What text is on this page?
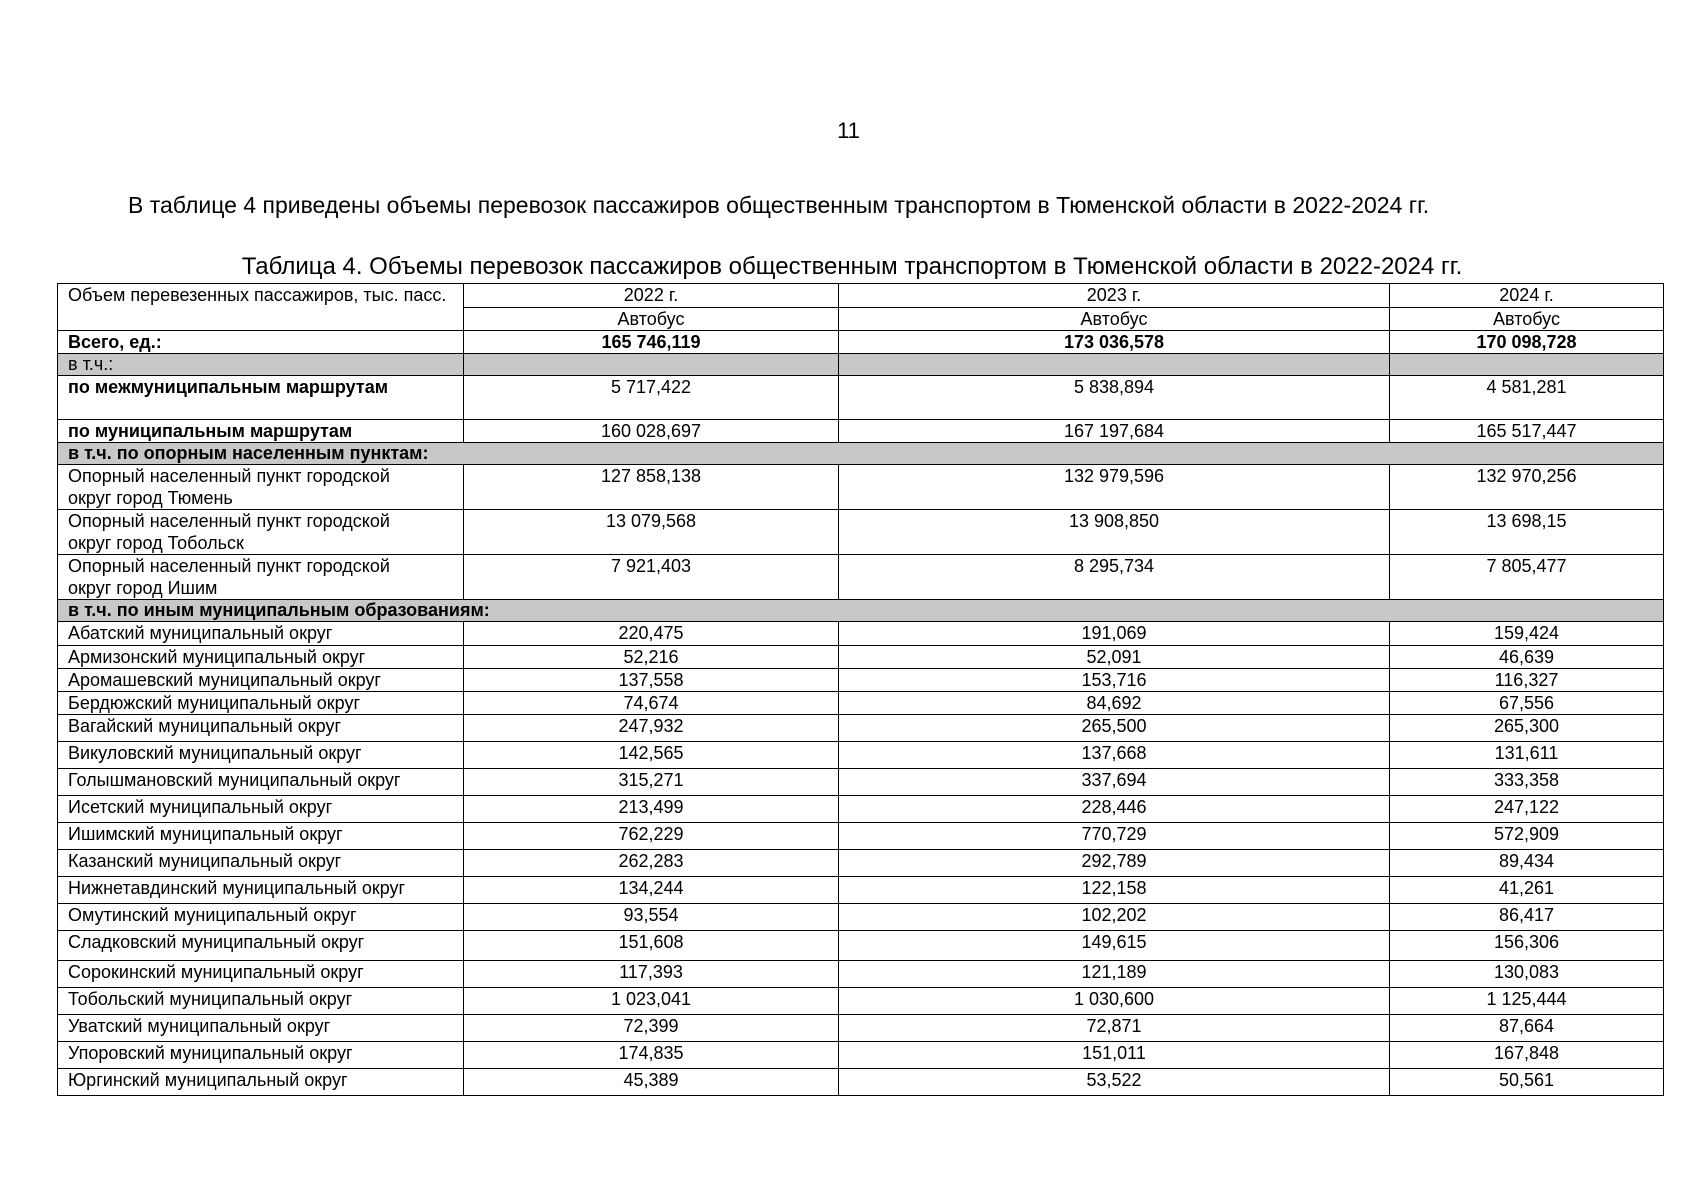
11
В таблице 4 приведены объемы перевозок пассажиров общественным транспортом в Тюменской области в 2022-2024 гг.
Таблица 4. Объемы перевозок пассажиров общественным транспортом в Тюменской области в 2022-2024 гг.
Объем перевезенных пассажиров, тыс. пасс.	2022 г.	2023 г.	2024 г.
	Автобус	Автобус	Автобус
Всего, ед.:	165 746,119	173 036,578	170 098,728
в т.ч.:			
по межмуниципальным маршрутам	5 717,422	5 838,894	4 581,281
по муниципальным маршрутам	160 028,697	167 197,684	165 517,447
в т.ч. по опорным населенным пунктам:			

Опорный населенный пункт городской
округ город Тюмень	127 858,138	132 979,596	132 970,256

Опорный населенный пункт городской
округ город Тобольск	13 079,568	13 908,850	13 698,15

Опорный населенный пункт городской
округ город Ишим	7 921,403	8 295,734	7 805,477
в т.ч. по иным муниципальным образованиям:			
Абатский муниципальный округ	220,475	191,069	159,424
Армизонский муниципальный округ	52,216	52,091	46,639
Аромашевский муниципальный округ	137,558	153,716	116,327
Бердюжский муниципальный округ	74,674	84,692	67,556
Вагайский муниципальный округ	247,932	265,500	265,300
Викуловский муниципальный округ	142,565	137,668	131,611
Голышмановский муниципальный округ	315,271	337,694	333,358
Исетский муниципальный округ	213,499	228,446	247,122
Ишимский муниципальный округ	762,229	770,729	572,909
Казанский муниципальный округ	262,283	292,789	89,434
Нижнетавдинский муниципальный округ	134,244	122,158	41,261
Омутинский муниципальный округ	93,554	102,202	86,417
Сладковский муниципальный округ	151,608	149,615	156,306
Сорокинский муниципальный округ	117,393	121,189	130,083
Тобольский муниципальный округ	1 023,041	1 030,600	1 125,444
Уватский муниципальный округ	72,399	72,871	87,664
Упоровский муниципальный округ	174,835	151,011	167,848
Юргинский муниципальный округ	45,389	53,522	50,561
